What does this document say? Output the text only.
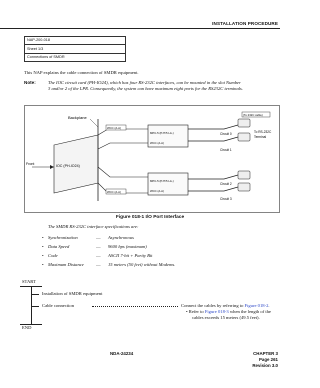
INSTALLATION PROCEDURE
NAP-200-018
Sheet 1/3
Connections of SMDR
This NAP explains the cable connection of SMDR equipment.
Note:	The IOC circuit card (PH-IO24), which has four RS-232C interfaces, can be mounted in the slot Number
3 and/or 2 of the LPR. Consequently, the system can have maximum eight ports for the RS232C terminals.
Backplane
Front	IOC (PH-IO24)
WCC (A-A)
WCC (A-A)
MPC-5 (PJ7/5 LA-)
WCC (A-A)
MPC-5 (PJ7/5 LA-)
WCC (A-A)
Circuit 0
Circuit 1
Circuit 2
Circuit 3
(To 232C cable)
To RS-232C
Terminal
Figure 018-1 I/O Port Interface
The SMDR RS-232C interface specifications are:
• Synchronization	— Asynchronous
• Data Speed	— 9600 bps (maximum)
• Code	— ASCII 7-bit + Parity Bit
• Maximum Distance	— 15 meters (50 feet) without Modems.
START
Installation of SMDR equipment
Cable connection	Connect the cables by referring to Figure 018-2.
• Refer to Figure 018-3 when the length of the
cables exceeds 15 meters (49.5 feet).
END
NDA-24234	CHAPTER 3
Page 261
Revision 3.0
